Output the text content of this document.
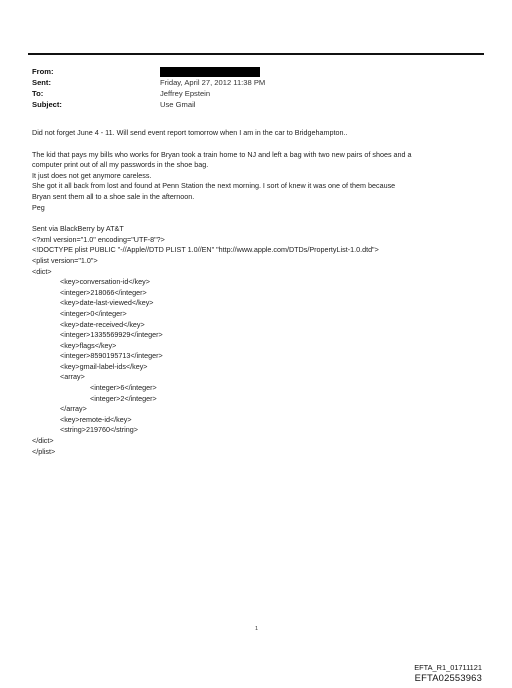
From:
Sent:	Friday, April 27, 2012 11:38 PM
To:	Jeffrey Epstein
Subject:	Use Gmail

Did not forget June 4 - 11. Will send event report tomorrow when I am in the car to Bridgehampton..

The kid that pays my bills who works for Bryan took a train home to NJ and left a bag with two new pairs of shoes and a

computer print out of all my passwords in the shoe bag.

It just does not get anymore careless.

She got it all back from lost and found at Penn Station the next morning. I sort of knew it was one of them because

Bryan sent them all to a shoe sale in the afternoon.

Peg

Sent via BlackBerry by AT&T

<?xml version="1.0" encoding="UTF-8"?>

<!DOCTYPE plist PUBLIC "-//Apple//DTD PLIST 1.0//EN" "http://www.apple.com/DTDs/PropertyList-1.0.dtd">

<plist version="1.0">

<dict>

<key>conversation-id</key>

<integer>218066</integer>

<key>date-last-viewed</key>

<integer>0</integer>

<key>date-received</key>

<integer>1335569929</integer>

<key>flags</key>

<integer>8590195713</integer>

<key>gmail-label-ids</key>

<array>

<integer>6</integer>

<integer>2</integer>

</array>

<key>remote-id</key>

<string>219760</string>

</dict>

</plist>

1
EFTA_R1_01711121
EFTA02553963
